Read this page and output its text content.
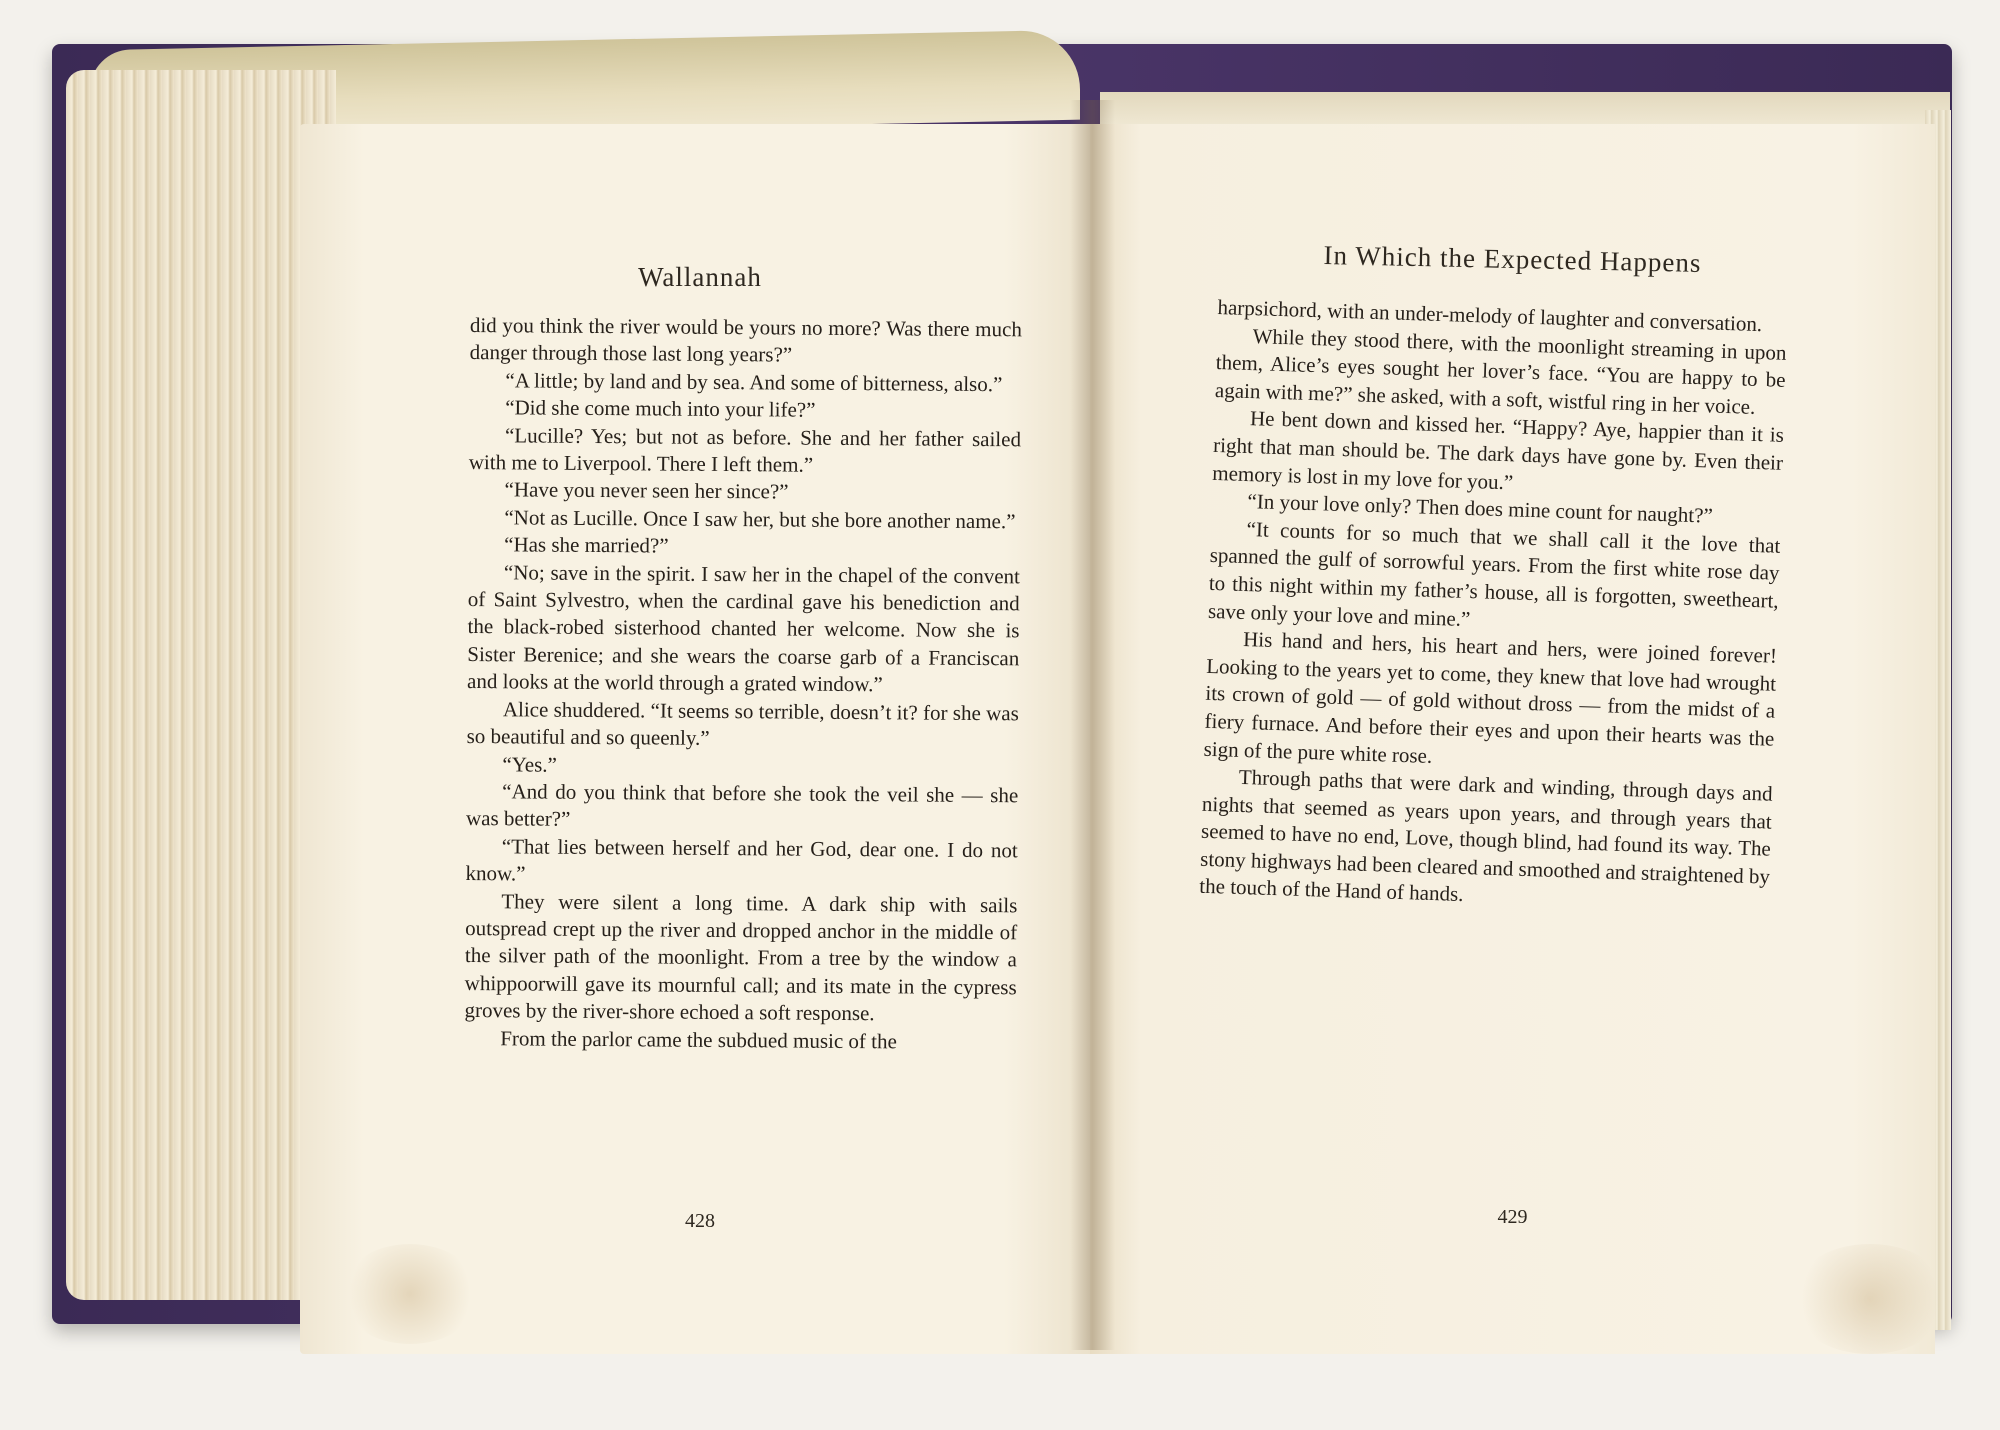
Wallannah

did you think the river would be yours no more? Was there much danger through those last long years?”

“A little; by land and by sea. And some of bitterness, also.”

“Did she come much into your life?”

“Lucille? Yes; but not as before. She and her father sailed with me to Liverpool. There I left them.”

“Have you never seen her since?”

“Not as Lucille. Once I saw her, but she bore another name.”

“Has she married?”

“No; save in the spirit. I saw her in the chapel of the convent of Saint Sylvestro, when the cardinal gave his benediction and the black-robed sisterhood chanted her welcome. Now she is Sister Berenice; and she wears the coarse garb of a Franciscan and looks at the world through a grated window.”

Alice shuddered. “It seems so terrible, doesn’t it? for she was so beautiful and so queenly.”

“Yes.”

“And do you think that before she took the veil she — she was better?”

“That lies between herself and her God, dear one. I do not know.”

They were silent a long time. A dark ship with sails outspread crept up the river and dropped anchor in the middle of the silver path of the moonlight. From a tree by the window a whippoorwill gave its mournful call; and its mate in the cypress groves by the river-shore echoed a soft response.

From the parlor came the subdued music of the

428
In Which the Expected Happens

harpsichord, with an under-melody of laughter and conversation.

While they stood there, with the moonlight streaming in upon them, Alice’s eyes sought her lover’s face. “You are happy to be again with me?” she asked, with a soft, wistful ring in her voice.

He bent down and kissed her. “Happy? Aye, happier than it is right that man should be. The dark days have gone by. Even their memory is lost in my love for you.”

“In your love only? Then does mine count for naught?”

“It counts for so much that we shall call it the love that spanned the gulf of sorrowful years. From the first white rose day to this night within my father’s house, all is forgotten, sweetheart, save only your love and mine.”

His hand and hers, his heart and hers, were joined forever! Looking to the years yet to come, they knew that love had wrought its crown of gold — of gold without dross — from the midst of a fiery furnace. And before their eyes and upon their hearts was the sign of the pure white rose.

Through paths that were dark and winding, through days and nights that seemed as years upon years, and through years that seemed to have no end, Love, though blind, had found its way. The stony highways had been cleared and smoothed and straightened by the touch of the Hand of hands.

429
